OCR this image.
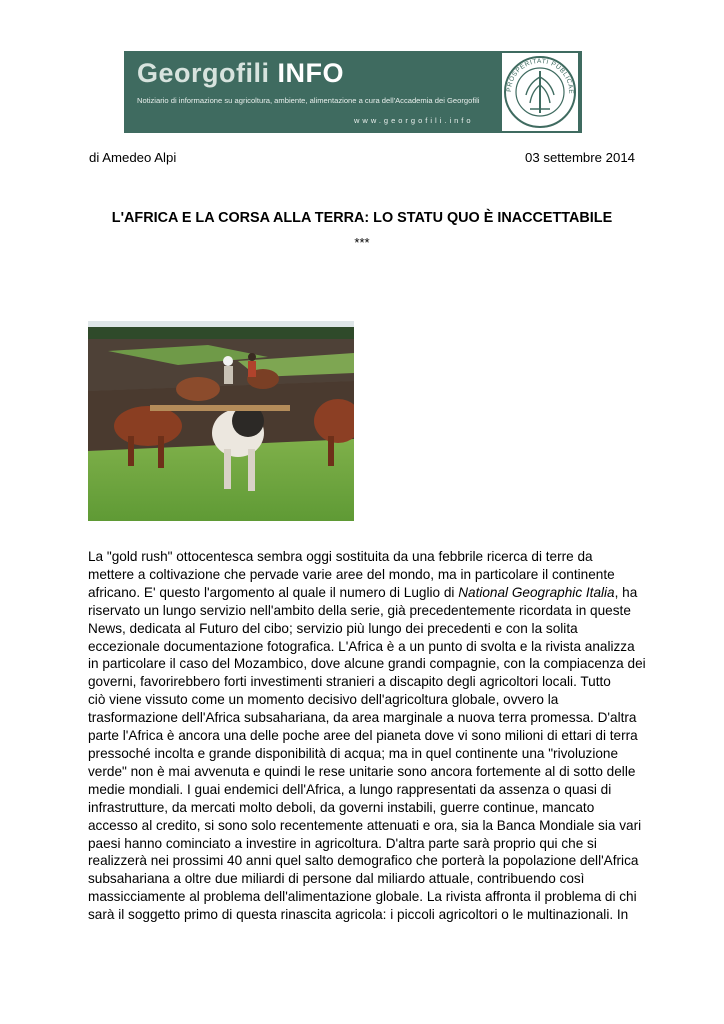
Georgofili INFO
Notiziario di informazione su agricoltura, ambiente, alimentazione a cura dell'Accademia dei Georgofili
www.georgofili.info
PROSPERITATI PUBLICAE
di Amedeo Alpi	03 settembre 2014
L'AFRICA E LA CORSA ALLA TERRA: LO STATU QUO È INACCETTABILE
***
La "gold rush" ottocentesca sembra oggi sostituita da una febbrile ricerca di terre da
mettere a coltivazione che pervade varie aree del mondo, ma in particolare il continente
africano. E' questo l'argomento al quale il numero di Luglio di National Geographic Italia, ha
riservato un lungo servizio nell'ambito della serie, già precedentemente ricordata in queste
News, dedicata al Futuro del cibo; servizio più lungo dei precedenti e con la solita
eccezionale documentazione fotografica. L'Africa è a un punto di svolta e la rivista analizza
in particolare il caso del Mozambico, dove alcune grandi compagnie, con la compiacenza dei
governi, favorirebbero forti investimenti stranieri a discapito degli agricoltori locali. Tutto
ciò viene vissuto come un momento decisivo dell'agricoltura globale, ovvero la
trasformazione dell'Africa subsahariana, da area marginale a nuova terra promessa. D'altra
parte l'Africa è ancora una delle poche aree del pianeta dove vi sono milioni di ettari di terra
pressoché incolta e grande disponibilità di acqua; ma in quel continente una "rivoluzione
verde" non è mai avvenuta e quindi le rese unitarie sono ancora fortemente al di sotto delle
medie mondiali. I guai endemici dell'Africa, a lungo rappresentati da assenza o quasi di
infrastrutture, da mercati molto deboli, da governi instabili, guerre continue, mancato
accesso al credito, si sono solo recentemente attenuati e ora, sia la Banca Mondiale sia vari
paesi hanno cominciato a investire in agricoltura. D'altra parte sarà proprio qui che si
realizzerà nei prossimi 40 anni quel salto demografico che porterà la popolazione dell'Africa
subsahariana a oltre due miliardi di persone dal miliardo attuale, contribuendo così
massicciamente al problema dell'alimentazione globale. La rivista affronta il problema di chi
sarà il soggetto primo di questa rinascita agricola: i piccoli agricoltori o le multinazionali. In
